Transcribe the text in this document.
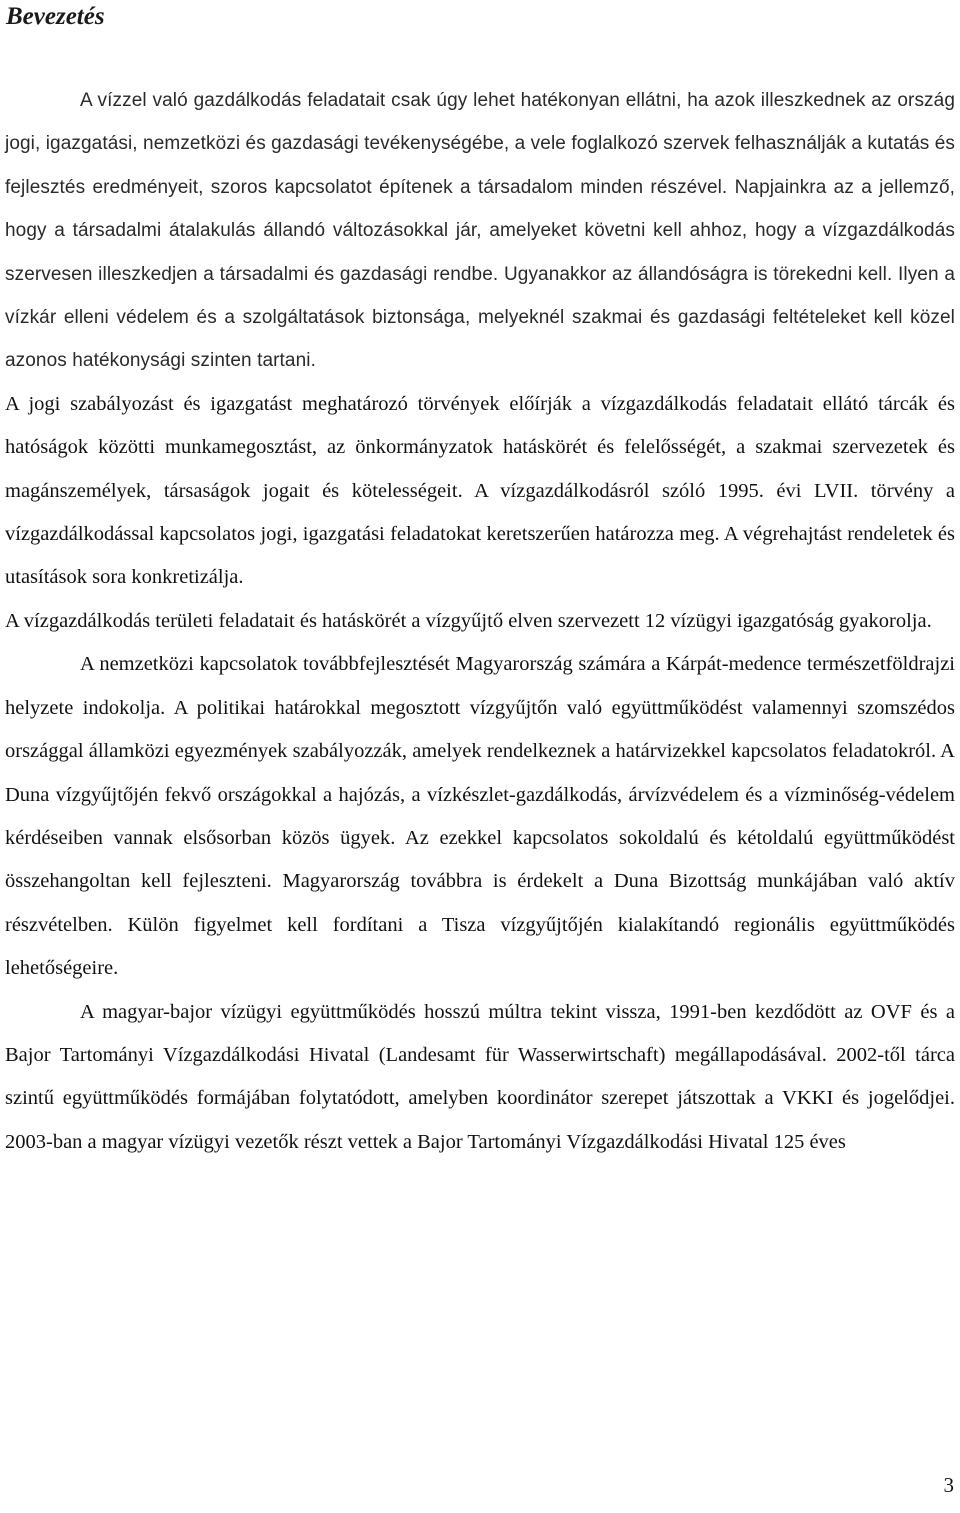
Bevezetés

A vízzel való gazdálkodás feladatait csak úgy lehet hatékonyan ellátni, ha azok illeszkednek az ország jogi, igazgatási, nemzetközi és gazdasági tevékenységébe, a vele foglalkozó szervek felhasználják a kutatás és fejlesztés eredményeit, szoros kapcsolatot építenek a társadalom minden részével. Napjainkra az a jellemző, hogy a társadalmi átalakulás állandó változásokkal jár, amelyeket követni kell ahhoz, hogy a vízgazdálkodás szervesen illeszkedjen a társadalmi és gazdasági rendbe. Ugyanakkor az állandóságra is törekedni kell. Ilyen a vízkár elleni védelem és a szolgáltatások biztonsága, melyeknél szakmai és gazdasági feltételeket kell közel azonos hatékonysági szinten tartani.

A jogi szabályozást és igazgatást meghatározó törvények előírják a vízgazdálkodás feladatait ellátó tárcák és hatóságok közötti munkamegosztást, az önkormányzatok hatáskörét és felelősségét, a szakmai szervezetek és magánszemélyek, társaságok jogait és kötelességeit. A vízgazdálkodásról szóló 1995. évi LVII. törvény a vízgazdálkodással kapcsolatos jogi, igazgatási feladatokat keretszerűen határozza meg. A végrehajtást rendeletek és utasítások sora konkretizálja.

A vízgazdálkodás területi feladatait és hatáskörét a vízgyűjtő elven szervezett 12 vízügyi igazgatóság gyakorolja.

A nemzetközi kapcsolatok továbbfejlesztését Magyarország számára a Kárpát-medence természetföldrajzi helyzete indokolja. A politikai határokkal megosztott vízgyűjtőn való együttműködést valamennyi szomszédos országgal államközi egyezmények szabályozzák, amelyek rendelkeznek a határvizekkel kapcsolatos feladatokról. A Duna vízgyűjtőjén fekvő országokkal a hajózás, a vízkészlet-gazdálkodás, árvízvédelem és a vízminőség-védelem kérdéseiben vannak elsősorban közös ügyek. Az ezekkel kapcsolatos sokoldalú és kétoldalú együttműködést összehangoltan kell fejleszteni. Magyarország továbbra is érdekelt a Duna Bizottság munkájában való aktív részvételben. Külön figyelmet kell fordítani a Tisza vízgyűjtőjén kialakítandó regionális együttműködés lehetőségeire.

A magyar-bajor vízügyi együttműködés hosszú múltra tekint vissza, 1991-ben kezdődött az OVF és a Bajor Tartományi Vízgazdálkodási Hivatal (Landesamt für Wasserwirtschaft) megállapodásával. 2002-től tárca szintű együttműködés formájában folytatódott, amelyben koordinátor szerepet játszottak a VKKI és jogelődjei. 2003-ban a magyar vízügyi vezetők részt vettek a Bajor Tartományi Vízgazdálkodási Hivatal 125 éves

3
